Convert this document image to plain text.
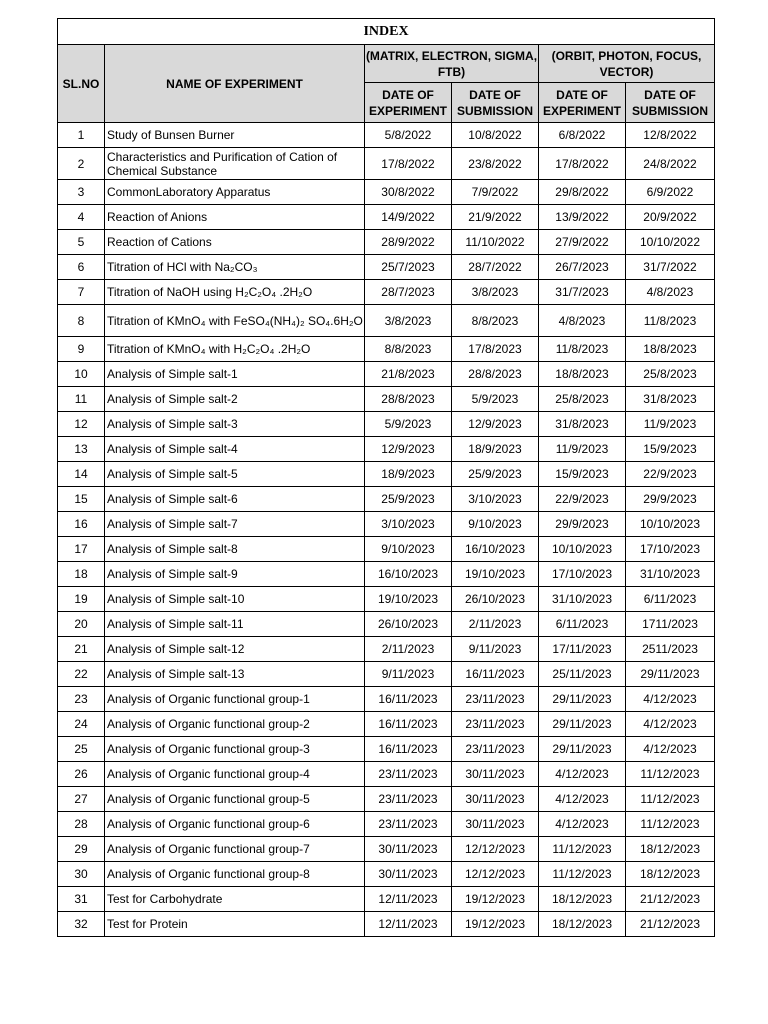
INDEX					
SL.NO	NAME OF EXPERIMENT	(MATRIX, ELECTRON, SIGMA, FTB)		(ORBIT, PHOTON, FOCUS, VECTOR)	
		DATE OF EXPERIMENT	DATE OF SUBMISSION	DATE OF EXPERIMENT	DATE OF SUBMISSION
1	Study of Bunsen Burner	5/8/2022	10/8/2022	6/8/2022	12/8/2022
2	Characteristics and Purification of Cation of Chemical Substance	17/8/2022	23/8/2022	17/8/2022	24/8/2022
3	CommonLaboratory Apparatus	30/8/2022	7/9/2022	29/8/2022	6/9/2022
4	Reaction of Anions	14/9/2022	21/9/2022	13/9/2022	20/9/2022
5	Reaction of Cations	28/9/2022	11/10/2022	27/9/2022	10/10/2022
6	Titration of HCl with Na₂CO₃	25/7/2023	28/7/2022	26/7/2023	31/7/2022
7	Titration of NaOH using H₂C₂O₄ .2H₂O	28/7/2023	3/8/2023	31/7/2023	4/8/2023
8	Titration of KMnO₄ with FeSO₄(NH₄)₂ SO₄.6H₂O	3/8/2023	8/8/2023	4/8/2023	11/8/2023
9	Titration of KMnO₄ with H₂C₂O₄ .2H₂O	8/8/2023	17/8/2023	11/8/2023	18/8/2023
10	Analysis of Simple salt-1	21/8/2023	28/8/2023	18/8/2023	25/8/2023
11	Analysis of Simple salt-2	28/8/2023	5/9/2023	25/8/2023	31/8/2023
12	Analysis of Simple salt-3	5/9/2023	12/9/2023	31/8/2023	11/9/2023
13	Analysis of Simple salt-4	12/9/2023	18/9/2023	11/9/2023	15/9/2023
14	Analysis of Simple salt-5	18/9/2023	25/9/2023	15/9/2023	22/9/2023
15	Analysis of Simple salt-6	25/9/2023	3/10/2023	22/9/2023	29/9/2023
16	Analysis of Simple salt-7	3/10/2023	9/10/2023	29/9/2023	10/10/2023
17	Analysis of Simple salt-8	9/10/2023	16/10/2023	10/10/2023	17/10/2023
18	Analysis of Simple salt-9	16/10/2023	19/10/2023	17/10/2023	31/10/2023
19	Analysis of Simple salt-10	19/10/2023	26/10/2023	31/10/2023	6/11/2023
20	Analysis of Simple salt-11	26/10/2023	2/11/2023	6/11/2023	1711/2023
21	Analysis of Simple salt-12	2/11/2023	9/11/2023	17/11/2023	2511/2023
22	Analysis of Simple salt-13	9/11/2023	16/11/2023	25/11/2023	29/11/2023
23	Analysis of Organic functional group-1	16/11/2023	23/11/2023	29/11/2023	4/12/2023
24	Analysis of Organic functional group-2	16/11/2023	23/11/2023	29/11/2023	4/12/2023
25	Analysis of Organic functional group-3	16/11/2023	23/11/2023	29/11/2023	4/12/2023
26	Analysis of Organic functional group-4	23/11/2023	30/11/2023	4/12/2023	11/12/2023
27	Analysis of Organic functional group-5	23/11/2023	30/11/2023	4/12/2023	11/12/2023
28	Analysis of Organic functional group-6	23/11/2023	30/11/2023	4/12/2023	11/12/2023
29	Analysis of Organic functional group-7	30/11/2023	12/12/2023	11/12/2023	18/12/2023
30	Analysis of Organic functional group-8	30/11/2023	12/12/2023	11/12/2023	18/12/2023
31	Test for Carbohydrate	12/11/2023	19/12/2023	18/12/2023	21/12/2023
32	Test for Protein	12/11/2023	19/12/2023	18/12/2023	21/12/2023
